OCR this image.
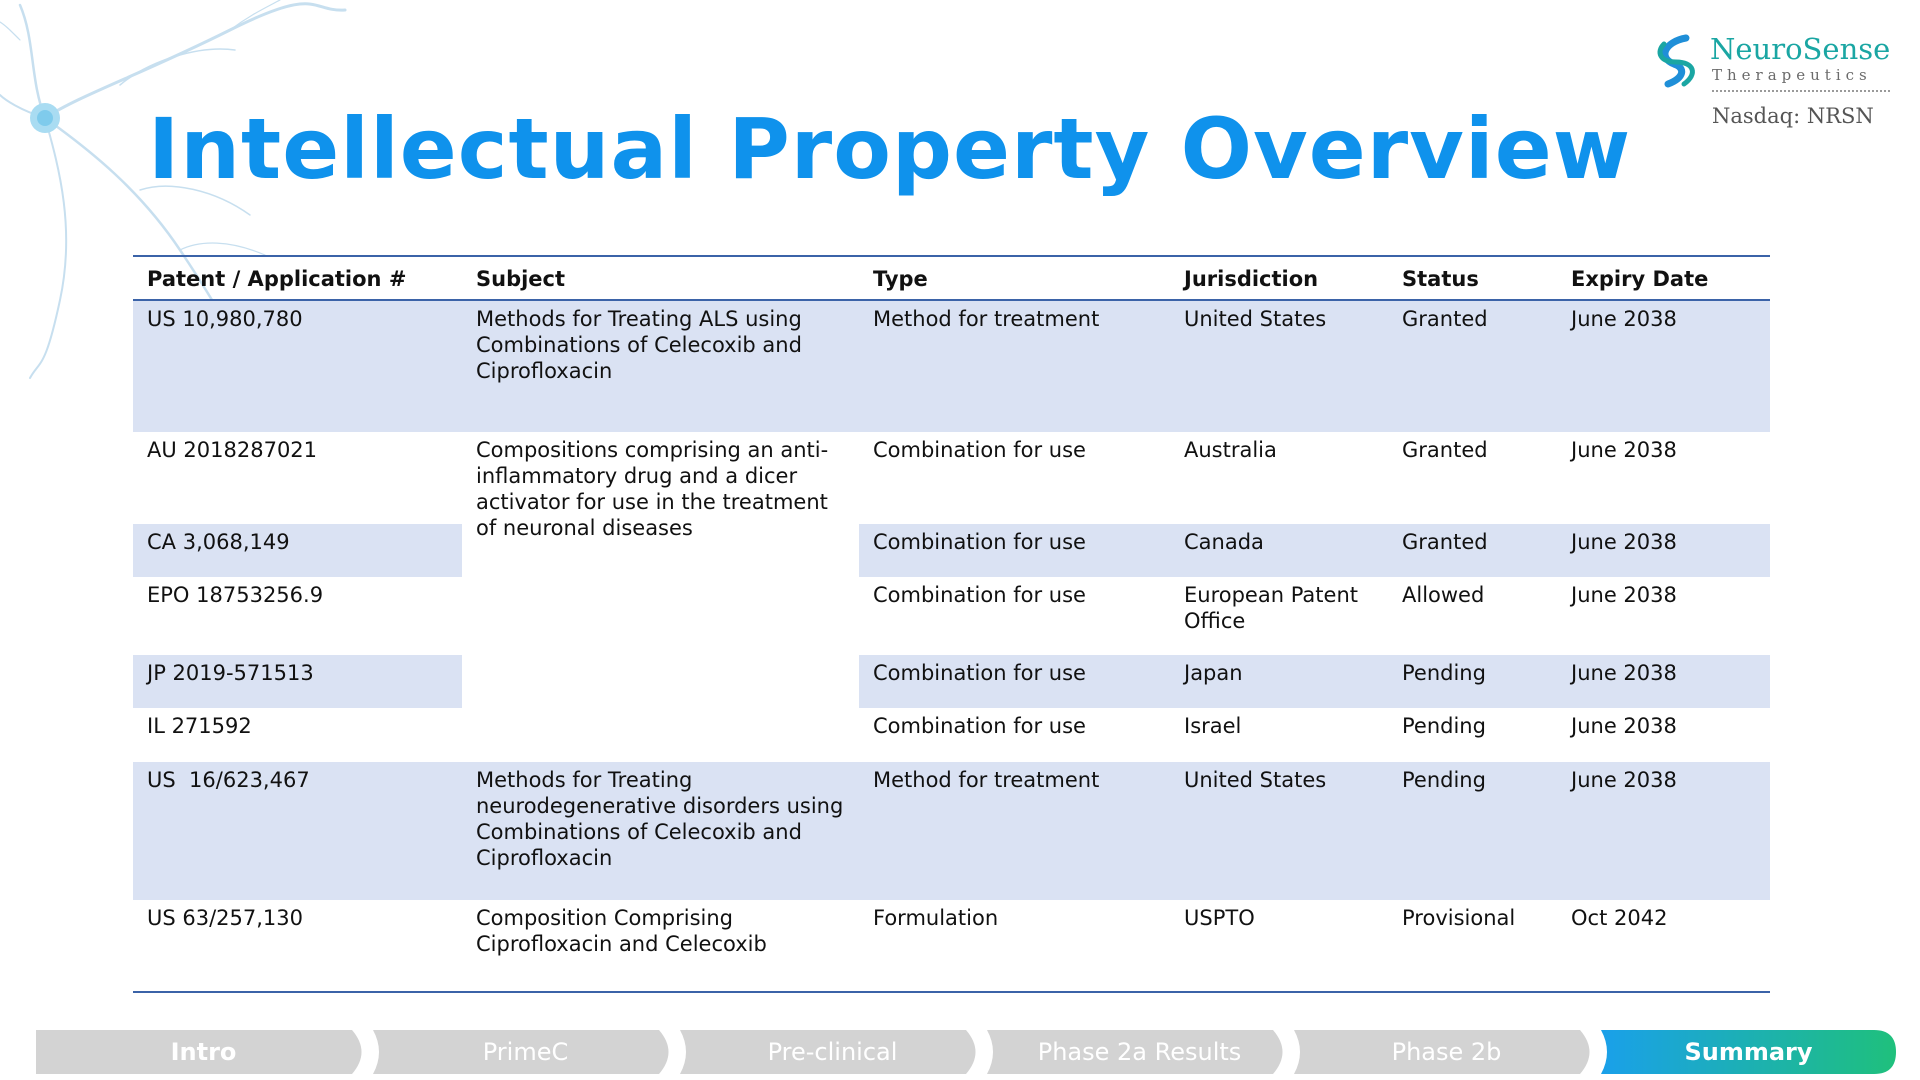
NeuroSense
Therapeutics
Nasdaq: NRSN
Intellectual Property Overview
Patent / Application #	Subject	Type	Jurisdiction	Status	Expiry Date
US 10,980,780	Methods for Treating ALS using Combinations of Celecoxib and Ciprofloxacin	Method for treatment	United States	Granted	June 2038
AU 2018287021	Compositions comprising an anti-inflammatory drug and a dicer activator for use in the treatment of neuronal diseases	Combination for use	Australia	Granted	June 2038
CA 3,068,149		Combination for use	Canada	Granted	June 2038
EPO 18753256.9		Combination for use	European Patent Office	Allowed	June 2038
JP 2019-571513		Combination for use	Japan	Pending	June 2038
IL 271592		Combination for use	Israel	Pending	June 2038
US  16/623,467	Methods for Treating neurodegenerative disorders using Combinations of Celecoxib and Ciprofloxacin	Method for treatment	United States	Pending	June 2038
US 63/257,130	Composition Comprising Ciprofloxacin and Celecoxib	Formulation	USPTO	Provisional	Oct 2042
Intro	PrimeC	Pre-clinical	Phase 2a Results	Phase 2b	Summary
